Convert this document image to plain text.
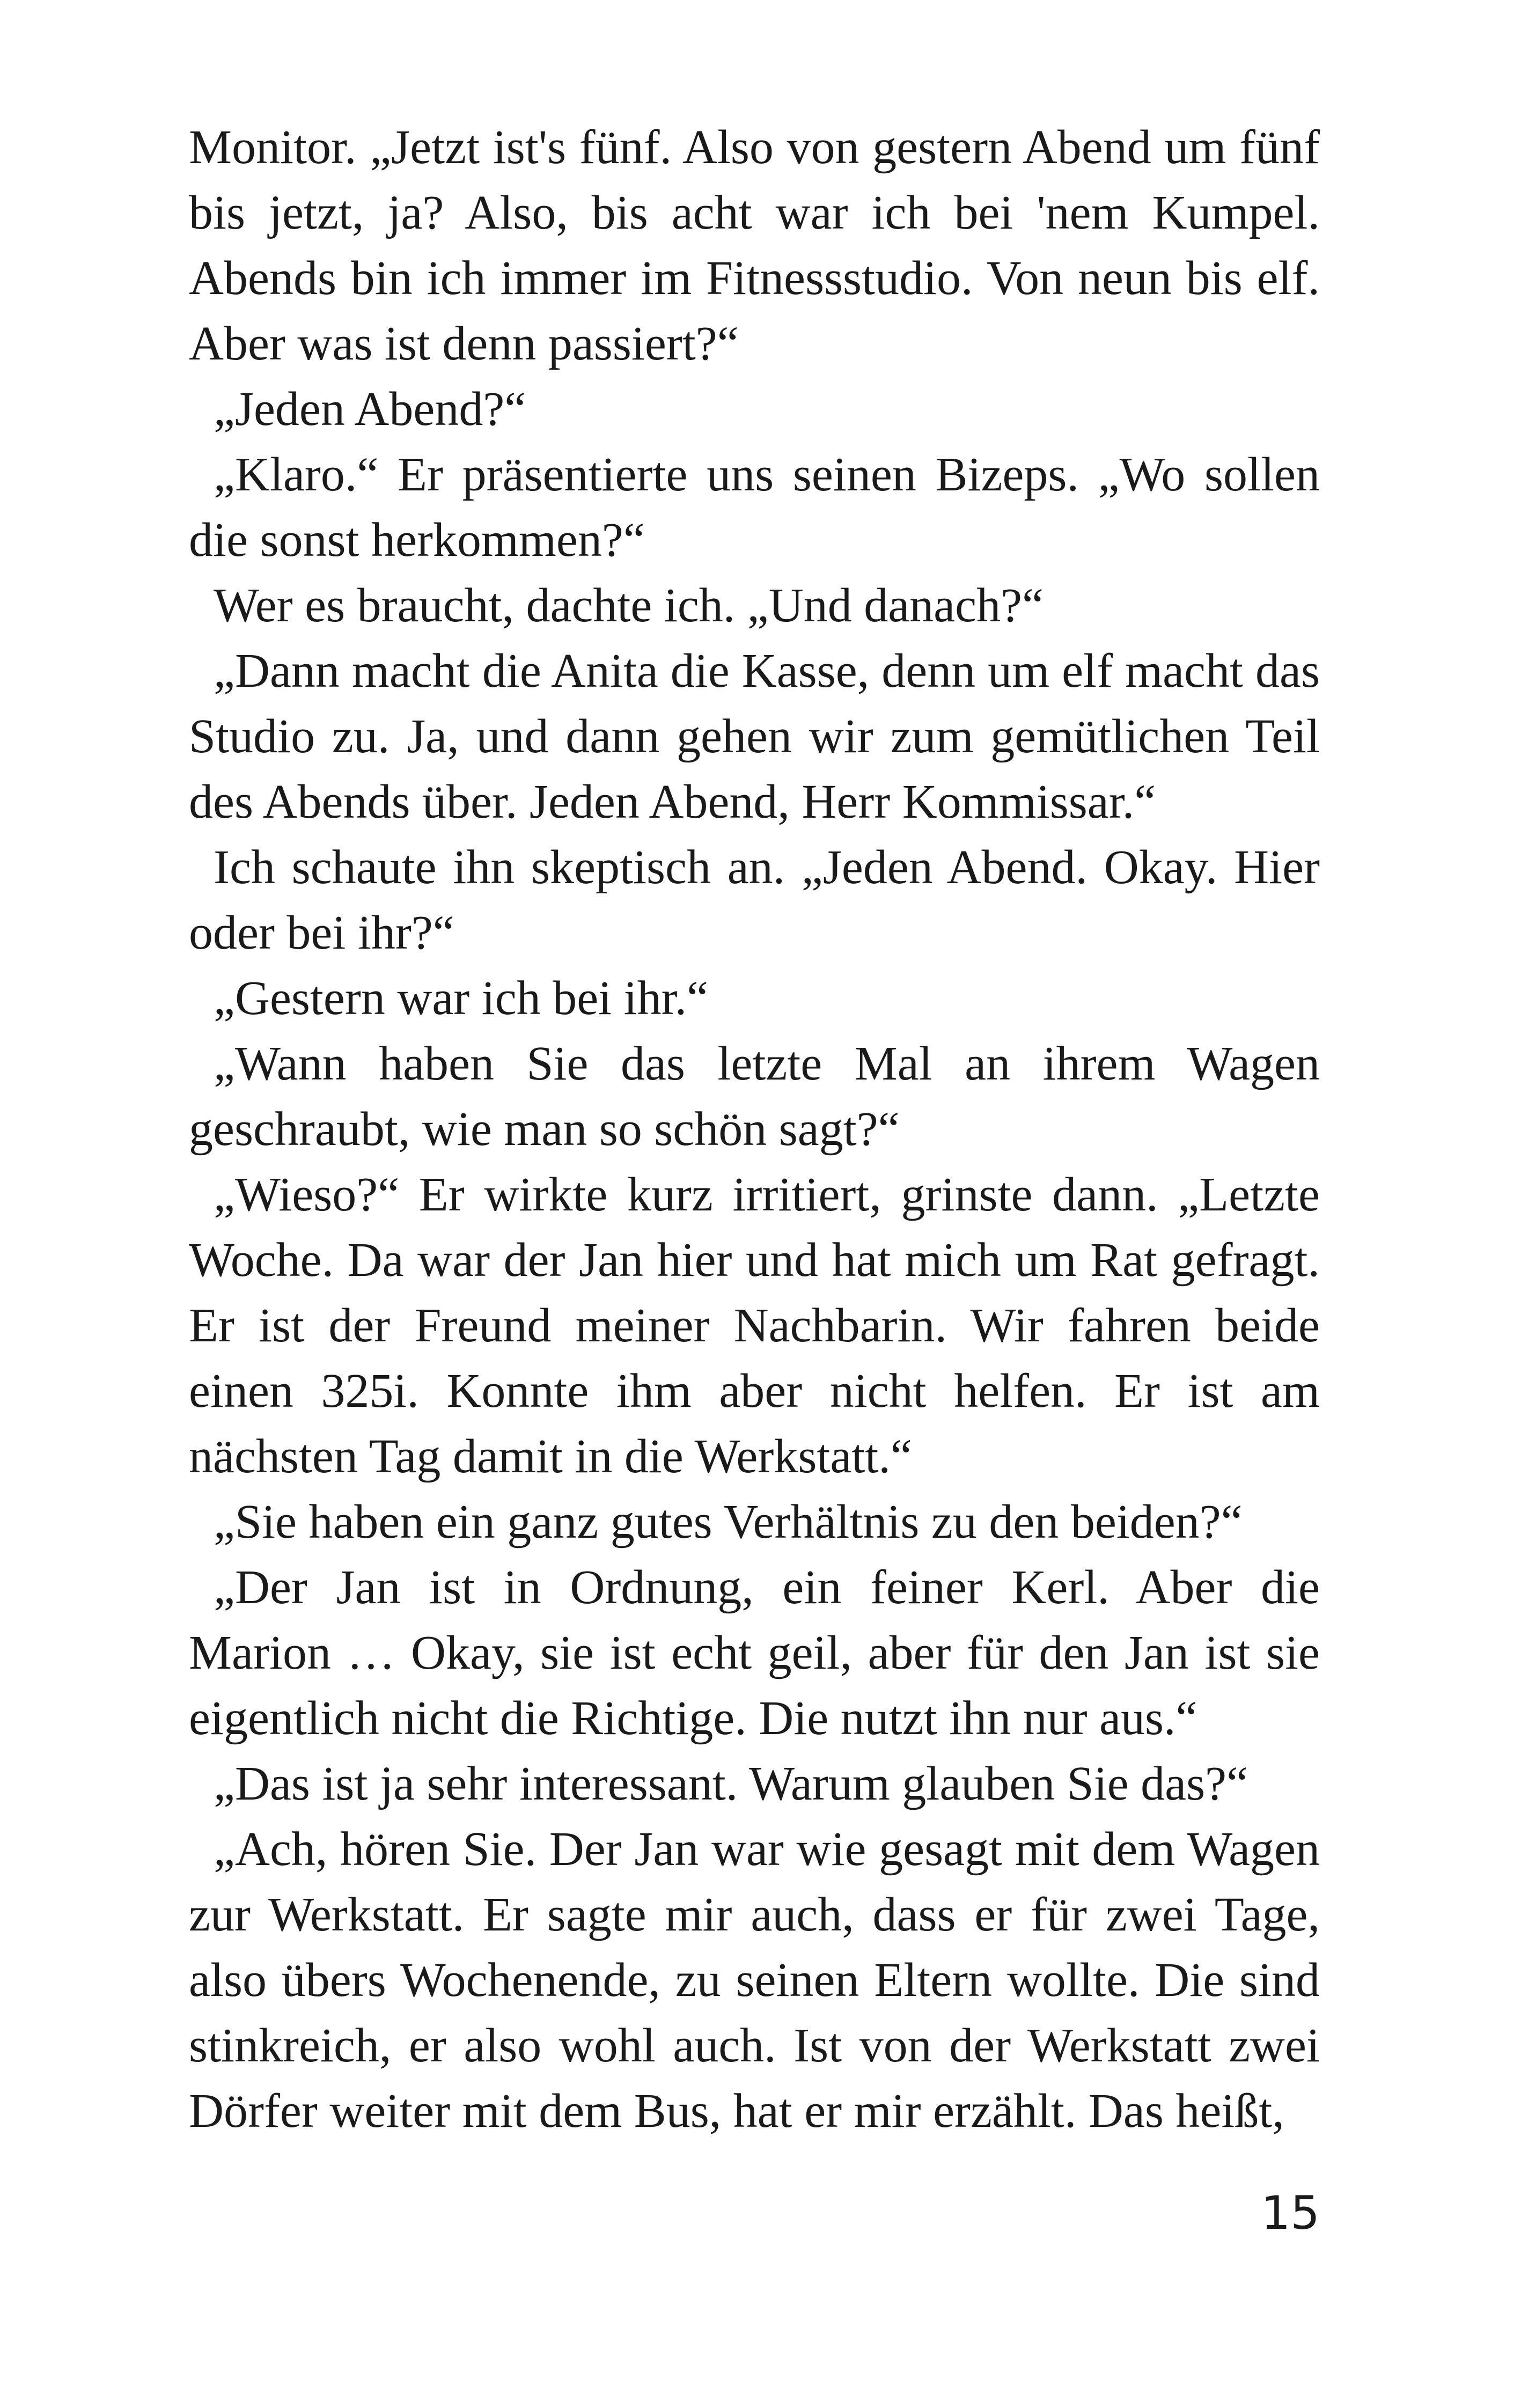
Monitor. „Jetzt ist's fünf. Also von gestern Abend um fünf bis jetzt, ja? Also, bis acht war ich bei 'nem Kumpel. Abends bin ich immer im Fitnessstudio. Von neun bis elf. Aber was ist denn passiert?“

„Jeden Abend?“

„Klaro.“ Er präsentierte uns seinen Bizeps. „Wo sollen die sonst herkommen?“

Wer es braucht, dachte ich. „Und danach?“

„Dann macht die Anita die Kasse, denn um elf macht das Studio zu. Ja, und dann gehen wir zum gemütlichen Teil des Abends über. Jeden Abend, Herr Kommissar.“

Ich schaute ihn skeptisch an. „Jeden Abend. Okay. Hier oder bei ihr?“

„Gestern war ich bei ihr.“

„Wann haben Sie das letzte Mal an ihrem Wagen geschraubt, wie man so schön sagt?“

„Wieso?“ Er wirkte kurz irritiert, grinste dann. „Letzte Woche. Da war der Jan hier und hat mich um Rat gefragt. Er ist der Freund meiner Nachbarin. Wir fahren beide einen 325i. Konnte ihm aber nicht helfen. Er ist am nächsten Tag damit in die Werkstatt.“

„Sie haben ein ganz gutes Verhältnis zu den beiden?“

„Der Jan ist in Ordnung, ein feiner Kerl. Aber die Marion … Okay, sie ist echt geil, aber für den Jan ist sie eigentlich nicht die Richtige. Die nutzt ihn nur aus.“

„Das ist ja sehr interessant. Warum glauben Sie das?“

„Ach, hören Sie. Der Jan war wie gesagt mit dem Wagen zur Werkstatt. Er sagte mir auch, dass er für zwei Tage, also übers Wochenende, zu seinen Eltern wollte. Die sind stinkreich, er also wohl auch. Ist von der Werkstatt zwei Dörfer weiter mit dem Bus, hat er mir erzählt. Das heißt,

15
